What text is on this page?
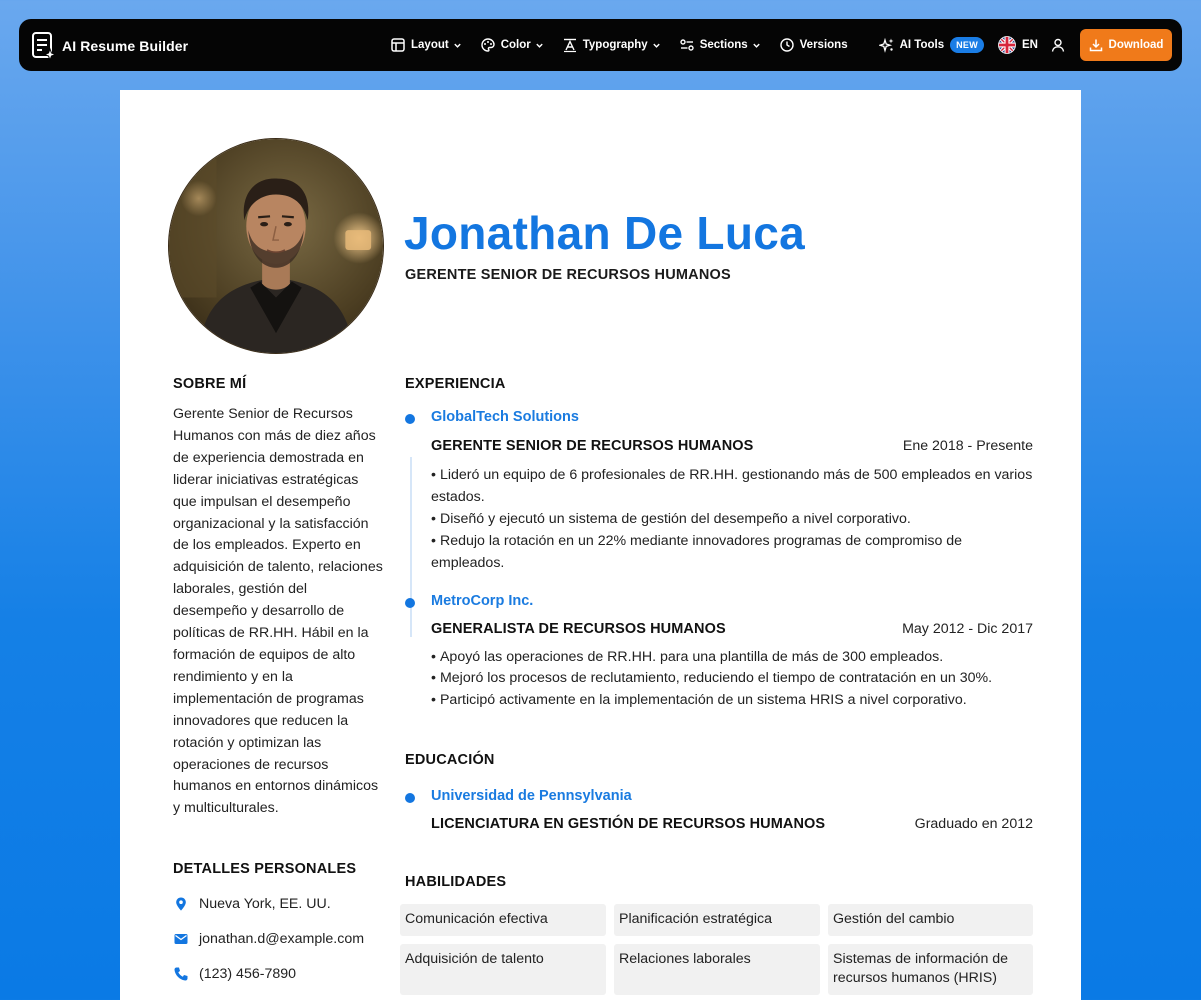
AI Resume Builder	Layout	Color	Typography	Sections	Versions	AI Tools	NEW	EN	Download
Jonathan De Luca
GERENTE SENIOR DE RECURSOS HUMANOS
SOBRE MÍ
Gerente Senior de Recursos Humanos con más de diez años de experiencia demostrada en liderar iniciativas estratégicas que impulsan el desempeño organizacional y la satisfacción de los empleados. Experto en adquisición de talento, relaciones laborales, gestión del desempeño y desarrollo de políticas de RR.HH. Hábil en la formación de equipos de alto rendimiento y en la implementación de programas innovadores que reducen la rotación y optimizan las operaciones de recursos humanos en entornos dinámicos y multiculturales.
DETALLES PERSONALES
Nueva York, EE. UU.
jonathan.d@example.com
(123) 456-7890
EXPERIENCIA
GlobalTech Solutions
GERENTE SENIOR DE RECURSOS HUMANOS	Ene 2018 - Presente
• Lideró un equipo de 6 profesionales de RR.HH. gestionando más de 500 empleados en varios estados.
• Diseñó y ejecutó un sistema de gestión del desempeño a nivel corporativo.
• Redujo la rotación en un 22% mediante innovadores programas de compromiso de empleados.
MetroCorp Inc.
GENERALISTA DE RECURSOS HUMANOS	May 2012 - Dic 2017
• Apoyó las operaciones de RR.HH. para una plantilla de más de 300 empleados.
• Mejoró los procesos de reclutamiento, reduciendo el tiempo de contratación en un 30%.
• Participó activamente en la implementación de un sistema HRIS a nivel corporativo.
EDUCACIÓN
Universidad de Pennsylvania
LICENCIATURA EN GESTIÓN DE RECURSOS HUMANOS	Graduado en 2012
HABILIDADES
Comunicación efectiva	Planificación estratégica	Gestión del cambio
Adquisición de talento	Relaciones laborales	Sistemas de información de recursos humanos (HRIS)
